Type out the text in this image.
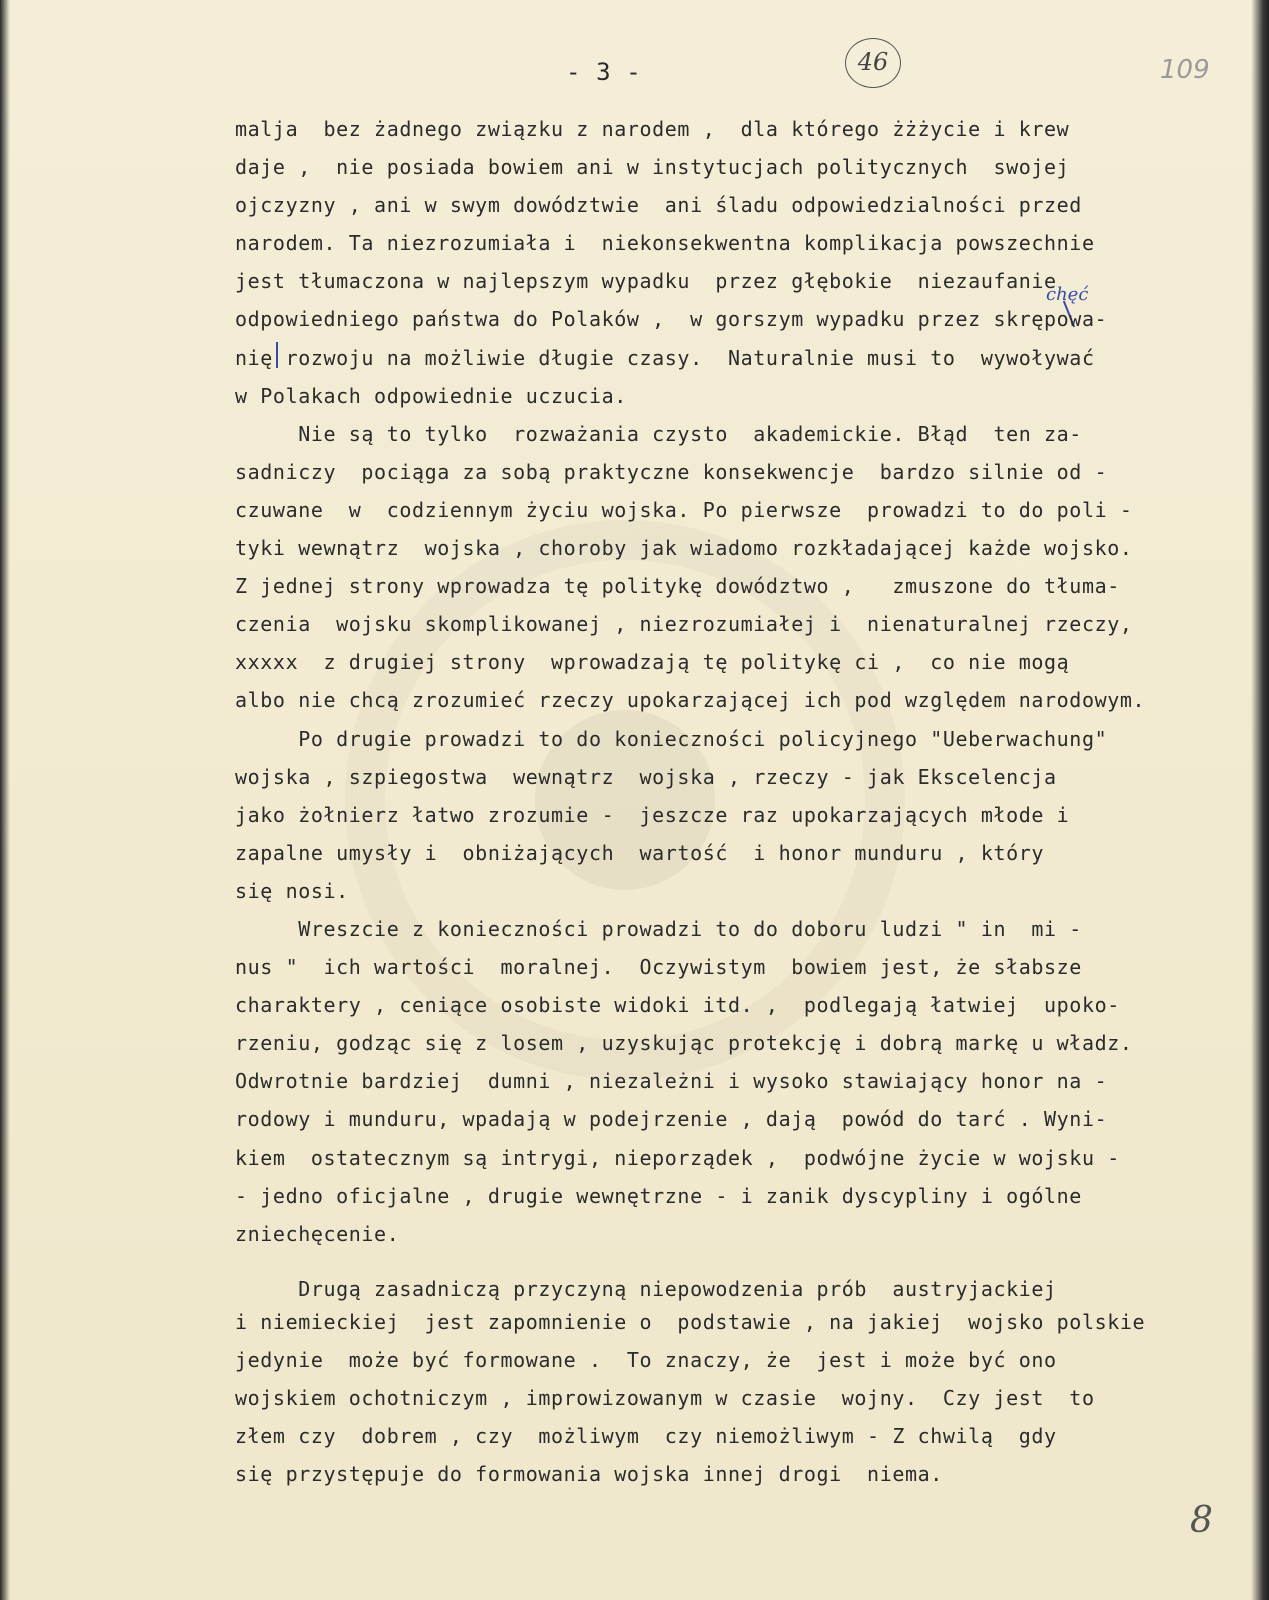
- 3 -	46	109
chęć
malja  bez żadnego związku z narodem ,  dla którego żżżycie i krew
daje ,  nie posiada bowiem ani w instytucjach politycznych  swojej
ojczyzny , ani w swym dowództwie  ani śladu odpowiedzialności przed
narodem. Ta niezrozumiała i  niekonsekwentna komplikacja powszechnie
jest tłumaczona w najlepszym wypadku  przez głębokie  niezaufanie
odpowiedniego państwa do Polaków ,  w gorszym wypadku przez skrępowa-
nię rozwoju na możliwie długie czasy.  Naturalnie musi to  wywoływać
w Polakach odpowiednie uczucia.
Nie są to tylko  rozważania czysto  akademickie. Błąd  ten za-
sadniczy  pociąga za sobą praktyczne konsekwencje  bardzo silnie od -
czuwane  w  codziennym życiu wojska. Po pierwsze  prowadzi to do poli -
tyki wewnątrz  wojska , choroby jak wiadomo rozkładającej każde wojsko.
Z jednej strony wprowadza tę politykę dowództwo ,   zmuszone do tłuma-
czenia  wojsku skomplikowanej , niezrozumiałej i  nienaturalnej rzeczy,
xxxxx  z drugiej strony  wprowadzają tę politykę ci ,  co nie mogą
albo nie chcą zrozumieć rzeczy upokarzającej ich pod względem narodowym.
Po drugie prowadzi to do konieczności policyjnego "Ueberwachung"
wojska , szpiegostwa  wewnątrz  wojska , rzeczy - jak Ekscelencja
jako żołnierz łatwo zrozumie -  jeszcze raz upokarzających młode i
zapalne umysły i  obniżających  wartość  i honor munduru , który
się nosi.
Wreszcie z konieczności prowadzi to do doboru ludzi " in  mi -
nus "  ich wartości  moralnej.  Oczywistym  bowiem jest, że słabsze
charaktery , ceniące osobiste widoki itd. ,  podlegają łatwiej  upoko-
rzeniu, godząc się z losem , uzyskując protekcję i dobrą markę u władz.
Odwrotnie bardziej  dumni , niezależni i wysoko stawiający honor na -
rodowy i munduru, wpadają w podejrzenie , dają  powód do tarć . Wyni-
kiem  ostatecznym są intrygi, nieporządek ,  podwójne życie w wojsku -
- jedno oficjalne , drugie wewnętrzne - i zanik dyscypliny i ogólne
zniechęcenie.
Drugą zasadniczą przyczyną niepowodzenia prób  austryjackiej
i niemieckiej  jest zapomnienie o  podstawie , na jakiej  wojsko polskie
jedynie  może być formowane .  To znaczy, że  jest i może być ono
wojskiem ochotniczym , improwizowanym w czasie  wojny.  Czy jest  to
złem czy  dobrem , czy  możliwym  czy niemożliwym - Z chwilą  gdy
się przystępuje do formowania wojska innej drogi  niema.
8
